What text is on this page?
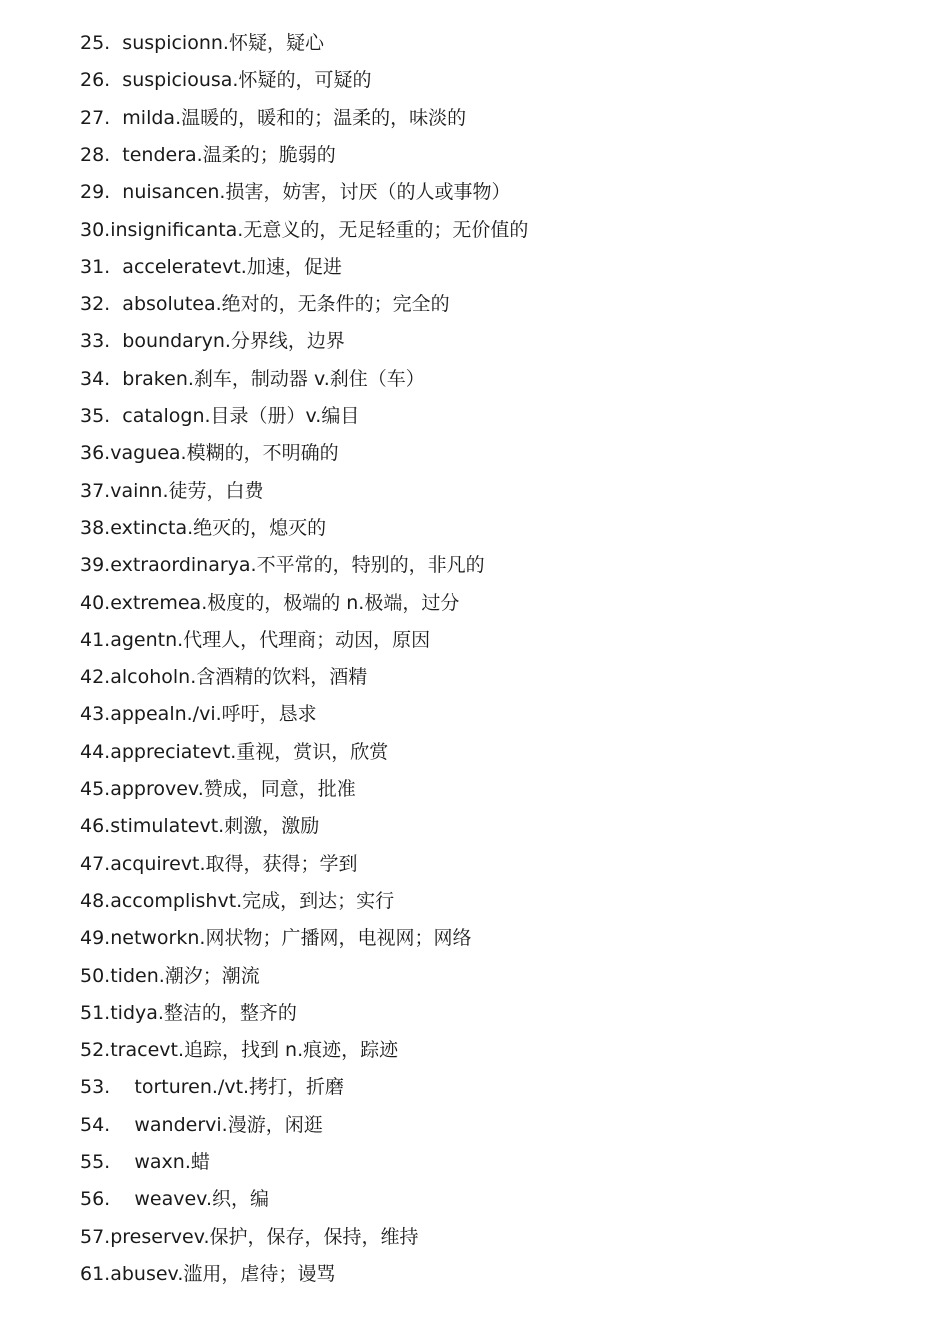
25.  suspicionn.怀疑，疑心
26.  suspiciousa.怀疑的，可疑的
27.  milda.温暖的，暖和的；温柔的，味淡的
28.  tendera.温柔的；脆弱的
29.  nuisancen.损害，妨害，讨厌（的人或事物）
30.insignificanta.无意义的，无足轻重的；无价值的
31.  acceleratevt.加速，促进
32.  absolutea.绝对的，无条件的；完全的
33.  boundaryn.分界线，边界
34.  braken.刹车，制动器 v.刹住（车）
35.  catalogn.目录（册）v.编目
36.vaguea.模糊的，不明确的
37.vainn.徒劳，白费
38.extincta.绝灭的，熄灭的
39.extraordinarya.不平常的，特别的，非凡的
40.extremea.极度的，极端的 n.极端，过分
41.agentn.代理人，代理商；动因，原因
42.alcoholn.含酒精的饮料，酒精
43.appealn./vi.呼吁，恳求
44.appreciatevt.重视，赏识，欣赏
45.approvev.赞成，同意，批准
46.stimulatevt.刺激，激励
47.acquirevt.取得，获得；学到
48.accomplishvt.完成，到达；实行
49.networkn.网状物；广播网，电视网；网络
50.tiden.潮汐；潮流
51.tidya.整洁的，整齐的
52.tracevt.追踪，找到 n.痕迹，踪迹
53.    torturen./vt.拷打，折磨
54.    wandervi.漫游，闲逛
55.    waxn.蜡
56.    weavev.织，编
57.preservev.保护，保存，保持，维持
61.abusev.滥用，虐待；谩骂
